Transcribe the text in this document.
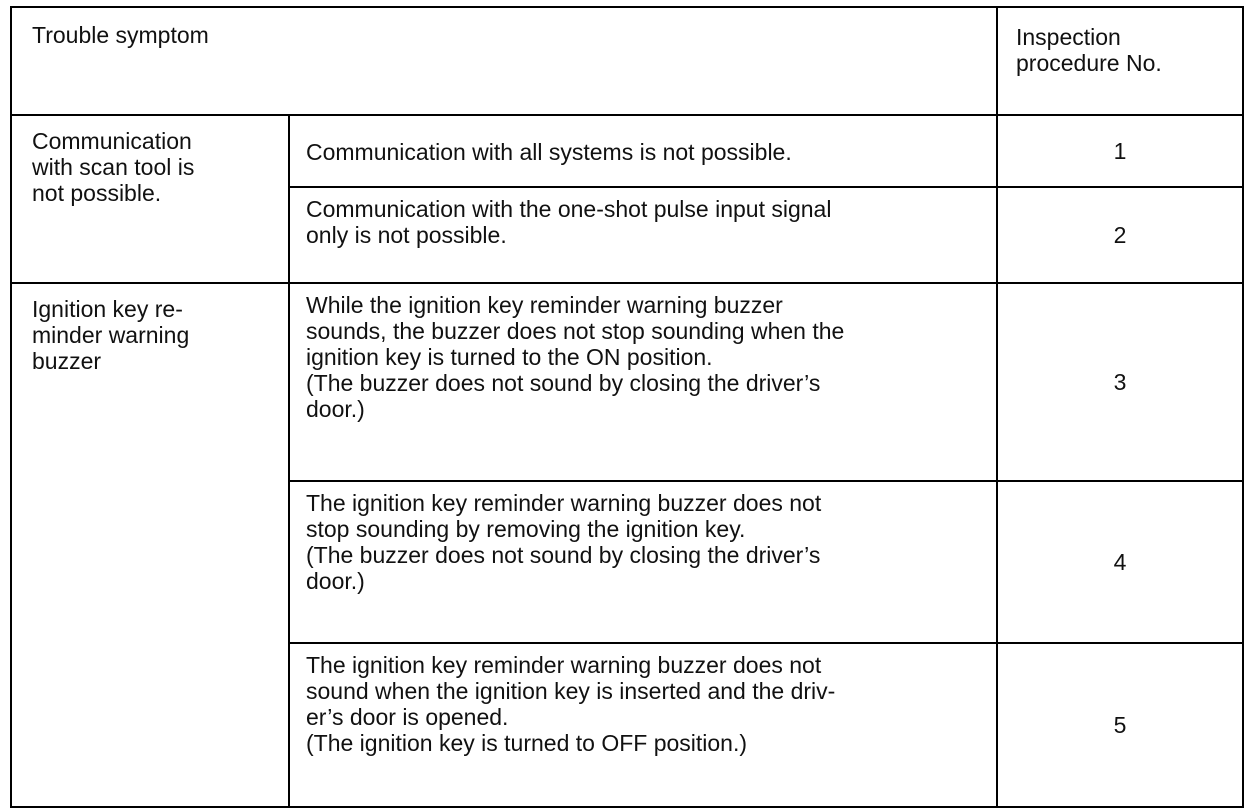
Trouble symptom		Inspection
procedure No.

Communication
with scan tool is
not possible.	Communication with all systems is not possible.	1

	Communication with the one-shot pulse input signal
only is not possible.	2

Ignition key re-
minder warning
buzzer	While the ignition key reminder warning buzzer
sounds, the buzzer does not stop sounding when the
ignition key is turned to the ON position.
(The buzzer does not sound by closing the driver’s
door.)	3

	The ignition key reminder warning buzzer does not
stop sounding by removing the ignition key.
(The buzzer does not sound by closing the driver’s
door.)	4

	The ignition key reminder warning buzzer does not
sound when the ignition key is inserted and the driv-
er’s door is opened.
(The ignition key is turned to OFF position.)	5
